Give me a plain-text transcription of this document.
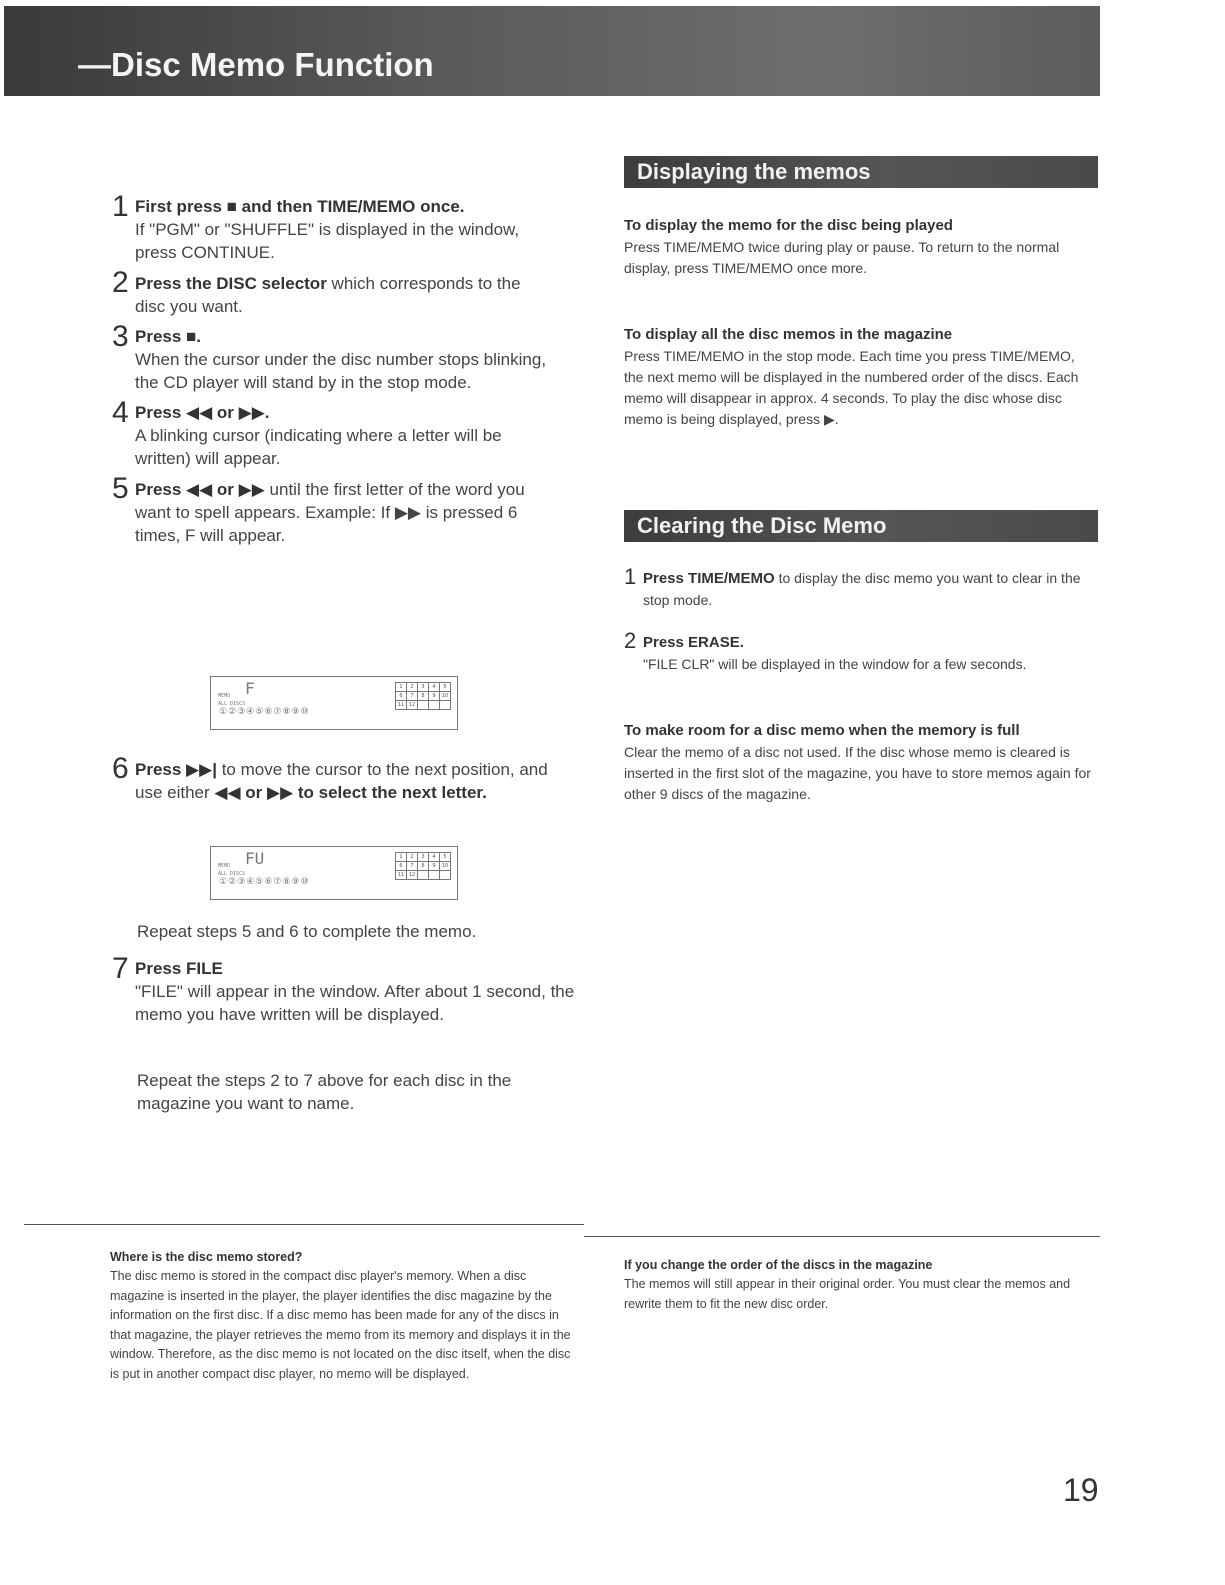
—Disc Memo Function
1 First press ■ and then TIME/MEMO once.
If "PGM" or "SHUFFLE" is displayed in the window, press CONTINUE.
2 Press the DISC selector which corresponds to the disc you want.
3 Press ■.
When the cursor under the disc number stops blinking, the CD player will stand by in the stop mode.
4 Press ◀◀ or ▶▶.
A blinking cursor (indicating where a letter will be written) will appear.
5 Press ◀◀ or ▶▶ until the first letter of the word you want to spell appears. Example: If ▶▶ is pressed 6 times, F will appear.
MEMO
ALL DISCS
F
①②③④⑤⑥⑦⑧⑨⑩
1	2	3	4	5
6	7	8	9	10
11	12			
6 Press ▶▶| to move the cursor to the next position, and use either ◀◀ or ▶▶ to select the next letter.
MEMO
ALL DISCS
FU
①②③④⑤⑥⑦⑧⑨⑩
1	2	3	4	5
6	7	8	9	10
11	12			
Repeat steps 5 and 6 to complete the memo.
7 Press FILE
"FILE" will appear in the window. After about 1 second, the memo you have written will be displayed.
Repeat the steps 2 to 7 above for each disc in the magazine you want to name.
Displaying the memos
To display the memo for the disc being played
Press TIME/MEMO twice during play or pause. To return to the normal display, press TIME/MEMO once more.
To display all the disc memos in the magazine
Press TIME/MEMO in the stop mode. Each time you press TIME/MEMO, the next memo will be displayed in the numbered order of the discs. Each memo will disappear in approx. 4 seconds. To play the disc whose disc memo is being displayed, press ▶.
Clearing the Disc Memo
1 Press TIME/MEMO to display the disc memo you want to clear in the stop mode.
2 Press ERASE.
"FILE CLR" will be displayed in the window for a few seconds.
To make room for a disc memo when the memory is full
Clear the memo of a disc not used. If the disc whose memo is cleared is inserted in the first slot of the magazine, you have to store memos again for other 9 discs of the magazine.
Where is the disc memo stored?
The disc memo is stored in the compact disc player's memory. When a disc magazine is inserted in the player, the player identifies the disc magazine by the information on the first disc. If a disc memo has been made for any of the discs in that magazine, the player retrieves the memo from its memory and displays it in the window. Therefore, as the disc memo is not located on the disc itself, when the disc is put in another compact disc player, no memo will be displayed.
If you change the order of the discs in the magazine
The memos will still appear in their original order. You must clear the memos and rewrite them to fit the new disc order.
19
